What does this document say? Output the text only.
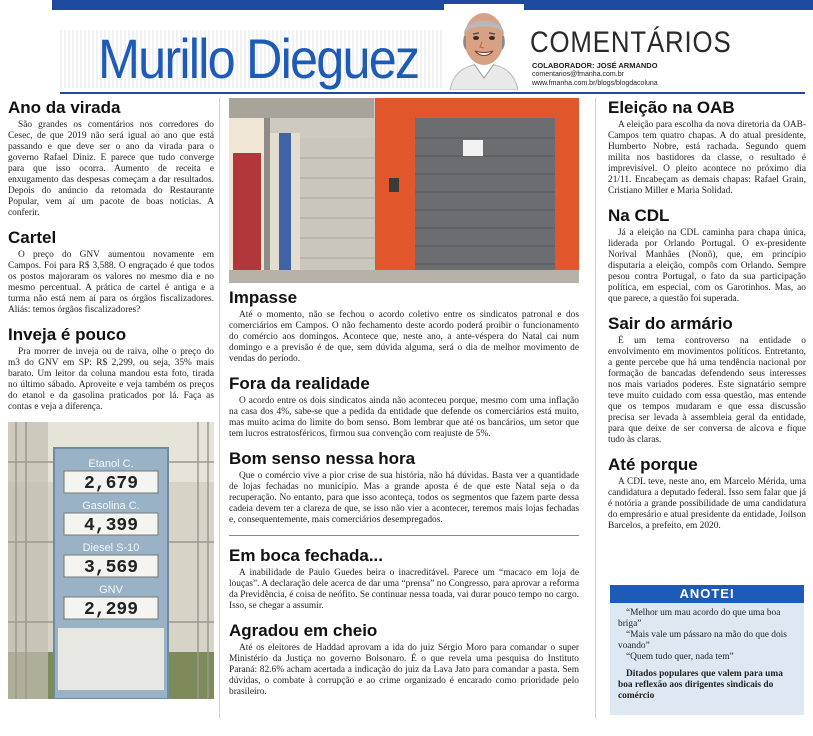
Murillo Dieguez	COMENTÁRIOS
COLABORADOR: JOSÉ ARMANDO
comentarios@fmanha.com.br
www.fmanha.com.br/blogs/blogdacoluna
Ano da virada

São grandes os comentários nos corredores do Cesec, de que 2019 não será igual ao ano que está passando e que deve ser o ano da virada para o governo Rafael Diniz. E parece que tudo converge para que isso ocorra. Aumento de receita e enxugamento das despesas começam a dar resultados. Depois do anúncio da retomada do Restaurante Popular, vem aí um pacote de boas notícias. A conferir.

Cartel

O preço do GNV aumentou novamente em Campos. Foi para R$ 3,588. O engraçado é que todos os postos majoraram os valores no mesmo dia e no mesmo percentual. A prática de cartel é antiga e a turma não está nem aí para os órgãos fiscalizadores. Aliás: temos órgãos fiscalizadores?

Inveja é pouco

Pra morrer de inveja ou de raiva, olhe o preço do m3 do GNV em SP: R$ 2,299, ou seja, 35% mais barato. Um leitor da coluna mandou esta foto, tirada no último sábado. Aproveite e veja também os preços do etanol e da gasolina praticados por lá. Faça as contas e veja a diferença.

Etanol C.
2,679
Gasolina C.
4,399
Diesel S-10
3,569
GNV
2,299
Impasse

Até o momento, não se fechou o acordo coletivo entre os sindicatos patronal e dos comerciários em Campos. O não fechamento deste acordo poderá proibir o funcionamento do comércio aos domingos. Acontece que, neste ano, a ante-véspera do Natal cai num domingo e a previsão é de que, sem dúvida alguma, será o dia de melhor movimento de vendas do período.

Fora da realidade

O acordo entre os dois sindicatos ainda não aconteceu porque, mesmo com uma inflação na casa dos 4%, sabe-se que a pedida da entidade que defende os comerciários está muito, mas muito acima do limite do bom senso. Bom lembrar que até os bancários, um setor que tem lucros estratosféricos, firmou sua convenção com reajuste de 5%.

Bom senso nessa hora

Que o comércio vive a pior crise de sua história, não há dúvidas. Basta ver a quantidade de lojas fechadas no município. Mas a grande aposta é de que este Natal seja o da recuperação. No entanto, para que isso aconteça, todos os segmentos que fazem parte dessa cadeia devem ter a clareza de que, se isso não vier a acontecer, teremos mais lojas fechadas e, consequentemente, mais comerciários desempregados.

Em boca fechada...

A inabilidade de Paulo Guedes beira o inacreditável. Parece um “macaco em loja de louças”. A declaração dele acerca de dar uma “prensa” no Congresso, para aprovar a reforma da Previdência, é coisa de neófito. Se continuar nessa toada, vai durar pouco tempo no cargo. Isso, se chegar a assumir.

Agradou em cheio

Até os eleitores de Haddad aprovam a ida do juiz Sérgio Moro para comandar o super Ministério da Justiça no governo Bolsonaro. É o que revela uma pesquisa do Instituto Paraná: 82.6% acham acertada a indicação do juiz da Lava Jato para comandar a pasta. Sem dúvidas, o combate à corrupção e ao crime organizado é encarado como prioridade pelo brasileiro.

Eleição na OAB

A eleição para escolha da nova diretoria da OAB-Campos tem quatro chapas. A do atual presidente, Humberto Nobre, está rachada. Segundo quem milita nos bastidores da classe, o resultado é imprevisível. O pleito acontece no próximo dia 21/11. Encabeçam as demais chapas: Rafael Grain, Cristiano Miller e Maria Solidad.

Na CDL

Já a eleição na CDL caminha para chapa única, liderada por Orlando Portugal. O ex-presidente Norival Manhães (Nonô), que, em princípio disputaria a eleição, compôs com Orlando. Sempre pesou contra Portugal, o fato da sua participação política, em especial, com os Garotinhos. Mas, ao que parece, a questão foi superada.

Sair do armário

É um tema controverso na entidade o envolvimento em movimentos políticos. Entretanto, a gente percebe que há uma tendência nacional por formação de bancadas defendendo seus interesses nos mais variados poderes. Este signatário sempre teve muito cuidado com essa questão, mas entende que os tempos mudaram e que essa discussão precisa ser levada à assembleia geral da entidade, para que deixe de ser conversa de alcova e fique tudo às claras.

Até porque

A CDL teve, neste ano, em Marcelo Mérida, uma candidatura a deputado federal. Isso sem falar que já é notória a grande possibilidade de uma candidatura do empresário e atual presidente da entidade, Joilson Barcelos, a prefeito, em 2020.

ANOTEI

“Melhor um mau acordo do que uma boa briga”

“Mais vale um pássaro na mão do que dois voando”

“Quem tudo quer, nada tem”

Ditados populares que valem para uma boa reflexão aos dirigentes sindicais do comércio
